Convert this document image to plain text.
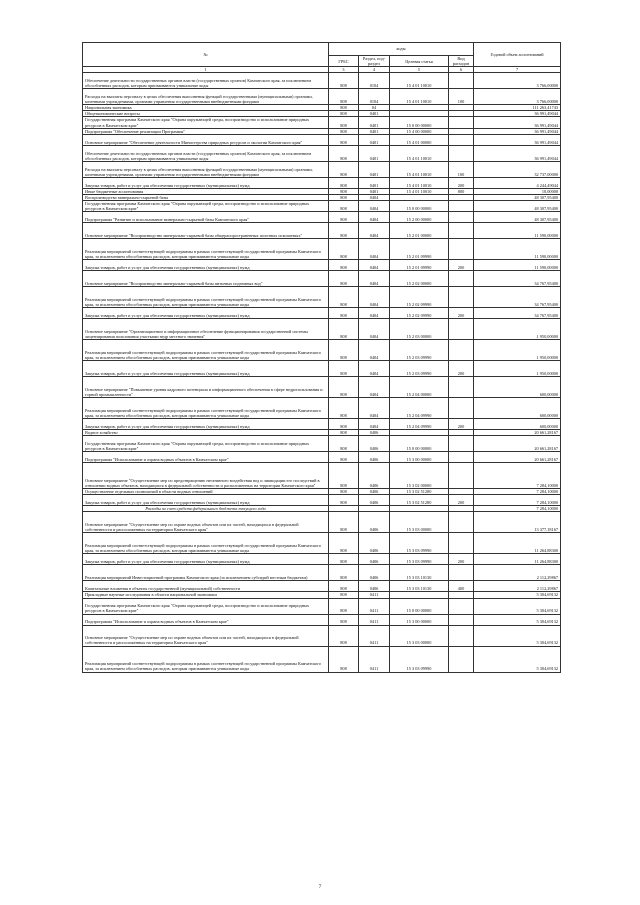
№	коды				Годовой объем ассигнований
	ГРБС	Раздел, под-раздел	Целевая статья	Вид расходов	
1	3	4	5	6	7
Обеспечение деятельности государственных органов власти (государственных органов) Камчатского края, за исключением обособленных расходов, которым присваиваются уникальные коды	808	0104	15 4 01 10010		3 766,00000
Расходы на выплаты персоналу в целях обеспечения выполнения функций государственными (муниципальными) органами, казенными учреждениями, органами управления государственными внебюджетными фондами	808	0104	15 4 01 10010	100	3 766,00000
Национальная экономика	808	04			111 263,41743
Общеэкономические вопросы	808	0401			36 991,49044
Государственная программа Камчатского края "Охрана окружающей среды, воспроизводство и использование природных ресурсов в Камчатском крае"	808	0401	15 0 00 00000		36 991,49044
Подпрограмма "Обеспечение реализации Программы"	808	0401	15 4 00 00000		36 991,49044
Основное мероприятие "Обеспечение деятельности Министерства природных ресурсов и экологии Камчатского края"	808	0401	15 4 01 00000		36 991,49044
Обеспечение деятельности государственных органов власти (государственных органов) Камчатского края, за исключением обособленных расходов, которым присваиваются уникальные коды	808	0401	15 4 01 10010		36 991,49044
Расходы на выплаты персоналу в целях обеспечения выполнения функций государственными (муниципальными) органами, казенными учреждениями, органами управления государственными внебюджетными фондами	808	0401	15 4 01 10010	100	32 737,00000
Закупка товаров, работ и услуг для обеспечения государственных (муниципальных) нужд	808	0401	15 4 01 10010	200	4 244,49044
Иные бюджетные ассигнования	808	0401	15 4 01 10010	800	10,00000
Воспроизводство минерально-сырьевой базы	808	0404			48 307,95400
Государственная программа Камчатского края "Охрана окружающей среды, воспроизводство и использование природных ресурсов в Камчатском крае"	808	0404	15 0 00 00000		48 307,95400
Подпрограмма "Развитие и использование минерально-сырьевой базы Камчатского края"	808	0404	15 2 00 00000		48 307,95400
Основное мероприятие "Воспроизводство минерально-сырьевой базы общераспространенных полезных ископаемых"	808	0404	15 2 01 00000		11 590,00000
Реализация мероприятий соответствующей подпрограммы в рамках соответствующей государственной программы Камчатского края, за исключением обособленных расходов, которым присваиваются уникальные коды	808	0404	15 2 01 09990		11 590,00000
Закупка товаров, работ и услуг для обеспечения государственных (муниципальных) нужд	808	0404	15 2 01 09990	200	11 590,00000
Основное мероприятие "Воспроизводство минерально-сырьевой базы питьевых подземных вод"	808	0404	15 2 02 00000		34 767,95400
Реализация мероприятий соответствующей подпрограммы в рамках соответствующей государственной программы Камчатского края, за исключением обособленных расходов, которым присваиваются уникальные коды	808	0404	15 2 02 09990		34 767,95400
Закупка товаров, работ и услуг для обеспечения государственных (муниципальных) нужд	808	0404	15 2 02 09990	200	34 767,95400
Основное мероприятие "Организационное и информационное обеспечение функционирования государственной системы лицензирования пользования участками недр местного значения"	808	0404	15 2 03 00000		1 950,00000
Реализация мероприятий соответствующей подпрограммы в рамках соответствующей государственной программы Камчатского края, за исключением обособленных расходов, которым присваиваются уникальные коды	808	0404	15 2 03 09990		1 950,00000
Закупка товаров, работ и услуг для обеспечения государственных (муниципальных) нужд	808	0404	15 2 03 09990	200	1 950,00000
Основное мероприятие "Повышение уровня кадрового потенциала и информационного обеспечения в сфере недропользования и горной промышленности"	808	0404	15 2 04 00000		600,00000
Реализация мероприятий соответствующей подпрограммы в рамках соответствующей государственной программы Камчатского края, за исключением обособленных расходов, которым присваиваются уникальные коды	808	0404	15 2 04 09990		600,00000
Закупка товаров, работ и услуг для обеспечения государственных (муниципальных) нужд	808	0404	15 2 04 09990	200	600,00000
Водное хозяйство	808	0406			20 661,28167
Государственная программа Камчатского края "Охрана окружающей среды, воспроизводство и использование природных ресурсов в Камчатском крае"	808	0406	15 0 00 00000		20 661,28167
Подпрограмма "Использование и охрана водных объектов в Камчатском крае"	808	0406	15 3 00 00000		20 661,28167
Основное мероприятие "Осуществление мер по предотвращению негативного воздействия вод и ликвидации его последствий в отношении водных объектов, находящихся в федеральной собственности и расположенных на территории Камчатского края"	808	0406	15 3 02 00000		7 284,10000
Осуществление отдельных полномочий в области водных отношений	808	0406	15 3 02 51280		7 284,10000
Закупка товаров, работ и услуг для обеспечения государственных (муниципальных) нужд	808	0406	15 3 02 51280	200	7 284,10000
Расходы за счет средств федерального бюджета текущего года					7 284,10000
Основное мероприятие "Осуществление мер по охране водных объектов или их частей, находящихся в федеральной собственности и расположенных на территории Камчатского края"	808	0406	15 3 03 00000		13 377,18167
Реализация мероприятий соответствующей подпрограммы в рамках соответствующей государственной программы Камчатского края, за исключением обособленных расходов, которым присваиваются уникальные коды	808	0406	15 3 03 09990		11 264,88300
Закупка товаров, работ и услуг для обеспечения государственных (муниципальных) нужд	808	0406	15 3 03 09990	200	11 264,88300
Реализация мероприятий Инвестиционной программы Камчатского края (за исключением субсидий местным бюджетам)	808	0406	15 3 03 10130		2 112,29867
Капитальные вложения в объекты государственной (муниципальной) собственности	808	0406	15 3 03 10130	400	2 112,29867
Прикладные научные исследования в области национальной экономики	808	0411			5 304,69132
Государственная программа Камчатского края "Охрана окружающей среды, воспроизводство и использование природных ресурсов в Камчатском крае"	808	0411	15 0 00 00000		5 304,69132
Подпрограмма "Использование и охрана водных объектов в Камчатском крае"	808	0411	15 3 00 00000		5 304,69132
Основное мероприятие "Осуществление мер по охране водных объектов или их частей, находящихся в федеральной собственности и расположенных на территории Камчатского края"	808	0411	15 3 03 00000		5 304,69132
Реализация мероприятий соответствующей подпрограммы в рамках соответствующей государственной программы Камчатского края, за исключением обособленных расходов, которым присваиваются уникальные коды	808	0411	15 3 03 09990		5 304,69132
7
